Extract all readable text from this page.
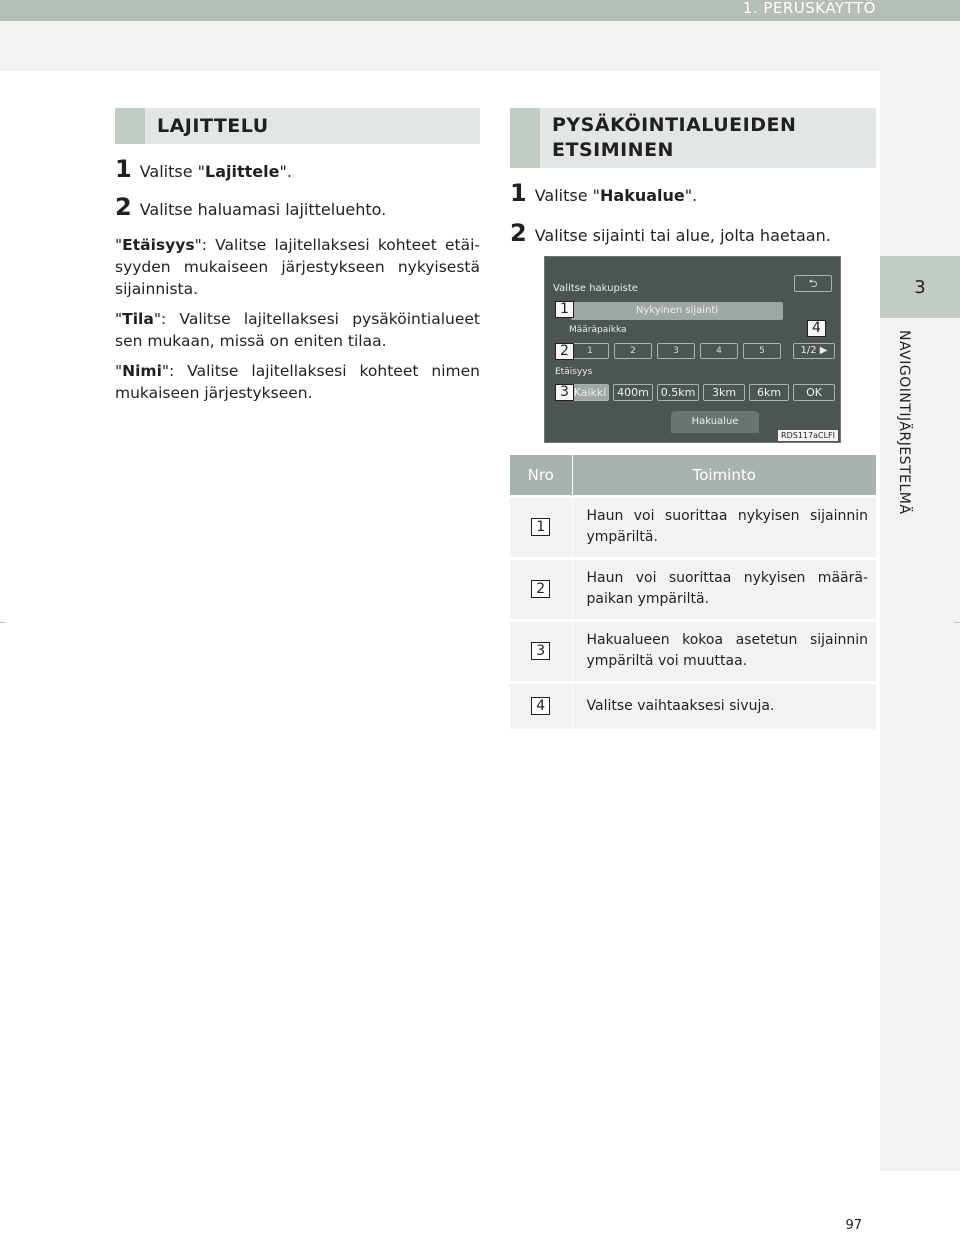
1. PERUSKÄYTTÖ
3
NAVIGOINTIJÄRJESTELMÄ
LAJITTELU
1 Valitse "Lajittele".
2 Valitse haluamasi lajitteluehto.
"Etäisyys": Valitse lajitellaksesi kohteet etäisyyden mukaiseen järjestykseen nykyisestä sijainnista.
"Tila": Valitse lajitellaksesi pysäköintialueet sen mukaan, missä on eniten tilaa.
"Nimi": Valitse lajitellaksesi kohteet nimen mukaiseen järjestykseen.
PYSÄKÖINTIALUEIDEN
ETSIMINEN
1 Valitse "Hakualue".
2 Valitse sijainti tai alue, jolta haetaan.
Valitse hakupiste	⮌
Nykyinen sijainti
Määräpaikka
1	2	3	4	5	1/2 ▶
Etäisyys
Kaikki 400m	0.5km	3km	6km	OK
Hakualue
RDS117aCLFI
1
2
3
4
Nro	Toiminto
1	Haun voi suorittaa nykyisen sijainnin ympäriltä.
2	Haun voi suorittaa nykyisen määräpaikan ympäriltä.
3	Hakualueen kokoa asetetun sijainnin ympäriltä voi muuttaa.
4	Valitse vaihtaaksesi sivuja.
97
